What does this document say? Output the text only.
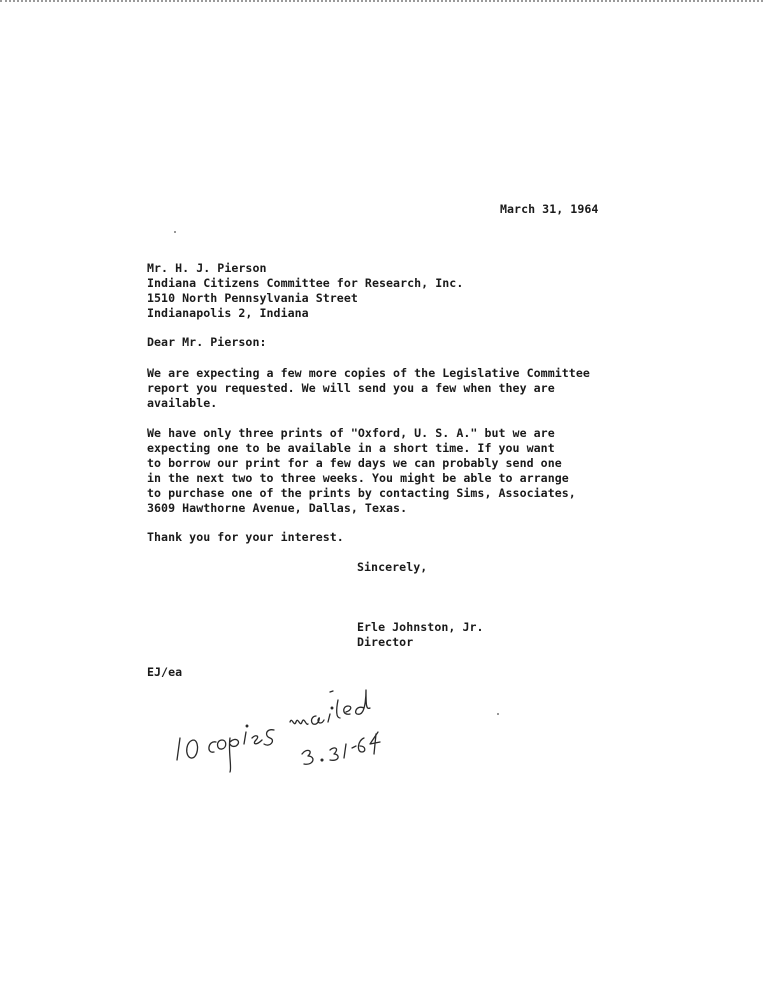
March 31, 1964
Mr. H. J. Pierson
Indiana Citizens Committee for Research, Inc.
1510 North Pennsylvania Street
Indianapolis 2, Indiana
Dear Mr. Pierson:
We are expecting a few more copies of the Legislative Committee
report you requested. We will send you a few when they are
available.
We have only three prints of "Oxford, U. S. A." but we are
expecting one to be available in a short time. If you want
to borrow our print for a few days we can probably send one
in the next two to three weeks. You might be able to arrange
to purchase one of the prints by contacting Sims, Associates,
3609 Hawthorne Avenue, Dallas, Texas.
Thank you for your interest.
Sincerely,
Erle Johnston, Jr.
Director
EJ/ea
